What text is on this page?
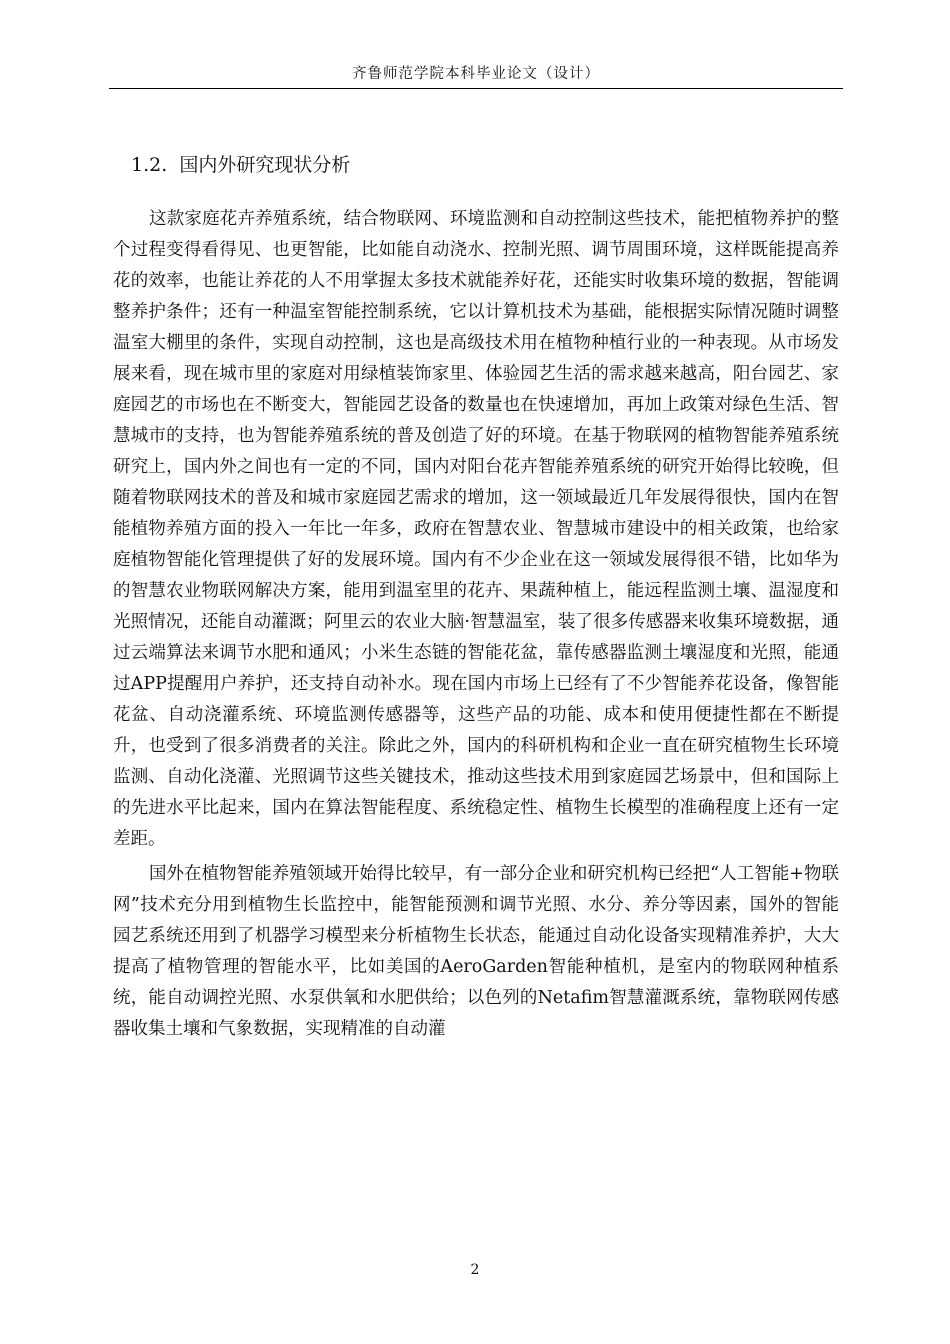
齐鲁师范学院本科毕业论文（设计）
1.2. 国内外研究现状分析

这款家庭花卉养殖系统，结合物联网、环境监测和自动控制这些技术，能把植物养护的整个过程变得看得见、也更智能，比如能自动浇水、控制光照、调节周围环境，这样既能提高养花的效率，也能让养花的人不用掌握太多技术就能养好花，还能实时收集环境的数据，智能调整养护条件；还有一种温室智能控制系统，它以计算机技术为基础，能根据实际情况随时调整温室大棚里的条件，实现自动控制，这也是高级技术用在植物种植行业的一种表现。从市场发展来看，现在城市里的家庭对用绿植装饰家里、体验园艺生活的需求越来越高，阳台园艺、家庭园艺的市场也在不断变大，智能园艺设备的数量也在快速增加，再加上政策对绿色生活、智慧城市的支持，也为智能养殖系统的普及创造了好的环境。在基于物联网的植物智能养殖系统研究上，国内外之间也有一定的不同，国内对阳台花卉智能养殖系统的研究开始得比较晚，但随着物联网技术的普及和城市家庭园艺需求的增加，这一领域最近几年发展得很快，国内在智能植物养殖方面的投入一年比一年多，政府在智慧农业、智慧城市建设中的相关政策，也给家庭植物智能化管理提供了好的发展环境。国内有不少企业在这一领域发展得很不错，比如华为的智慧农业物联网解决方案，能用到温室里的花卉、果蔬种植上，能远程监测土壤、温湿度和光照情况，还能自动灌溉；阿里云的农业大脑·智慧温室，装了很多传感器来收集环境数据，通过云端算法来调节水肥和通风；小米生态链的智能花盆，靠传感器监测土壤湿度和光照，能通过APP提醒用户养护，还支持自动补水。现在国内市场上已经有了不少智能养花设备，像智能花盆、自动浇灌系统、环境监测传感器等，这些产品的功能、成本和使用便捷性都在不断提升，也受到了很多消费者的关注。除此之外，国内的科研机构和企业一直在研究植物生长环境监测、自动化浇灌、光照调节这些关键技术，推动这些技术用到家庭园艺场景中，但和国际上的先进水平比起来，国内在算法智能程度、系统稳定性、植物生长模型的准确程度上还有一定差距。

国外在植物智能养殖领域开始得比较早，有一部分企业和研究机构已经把“人工智能+物联网”技术充分用到植物生长监控中，能智能预测和调节光照、水分、养分等因素，国外的智能园艺系统还用到了机器学习模型来分析植物生长状态，能通过自动化设备实现精准养护，大大提高了植物管理的智能水平，比如美国的AeroGarden智能种植机，是室内的物联网种植系统，能自动调控光照、水泵供氧和水肥供给；以色列的Netafim智慧灌溉系统，靠物联网传感器收集土壤和气象数据，实现精准的自动灌

2
